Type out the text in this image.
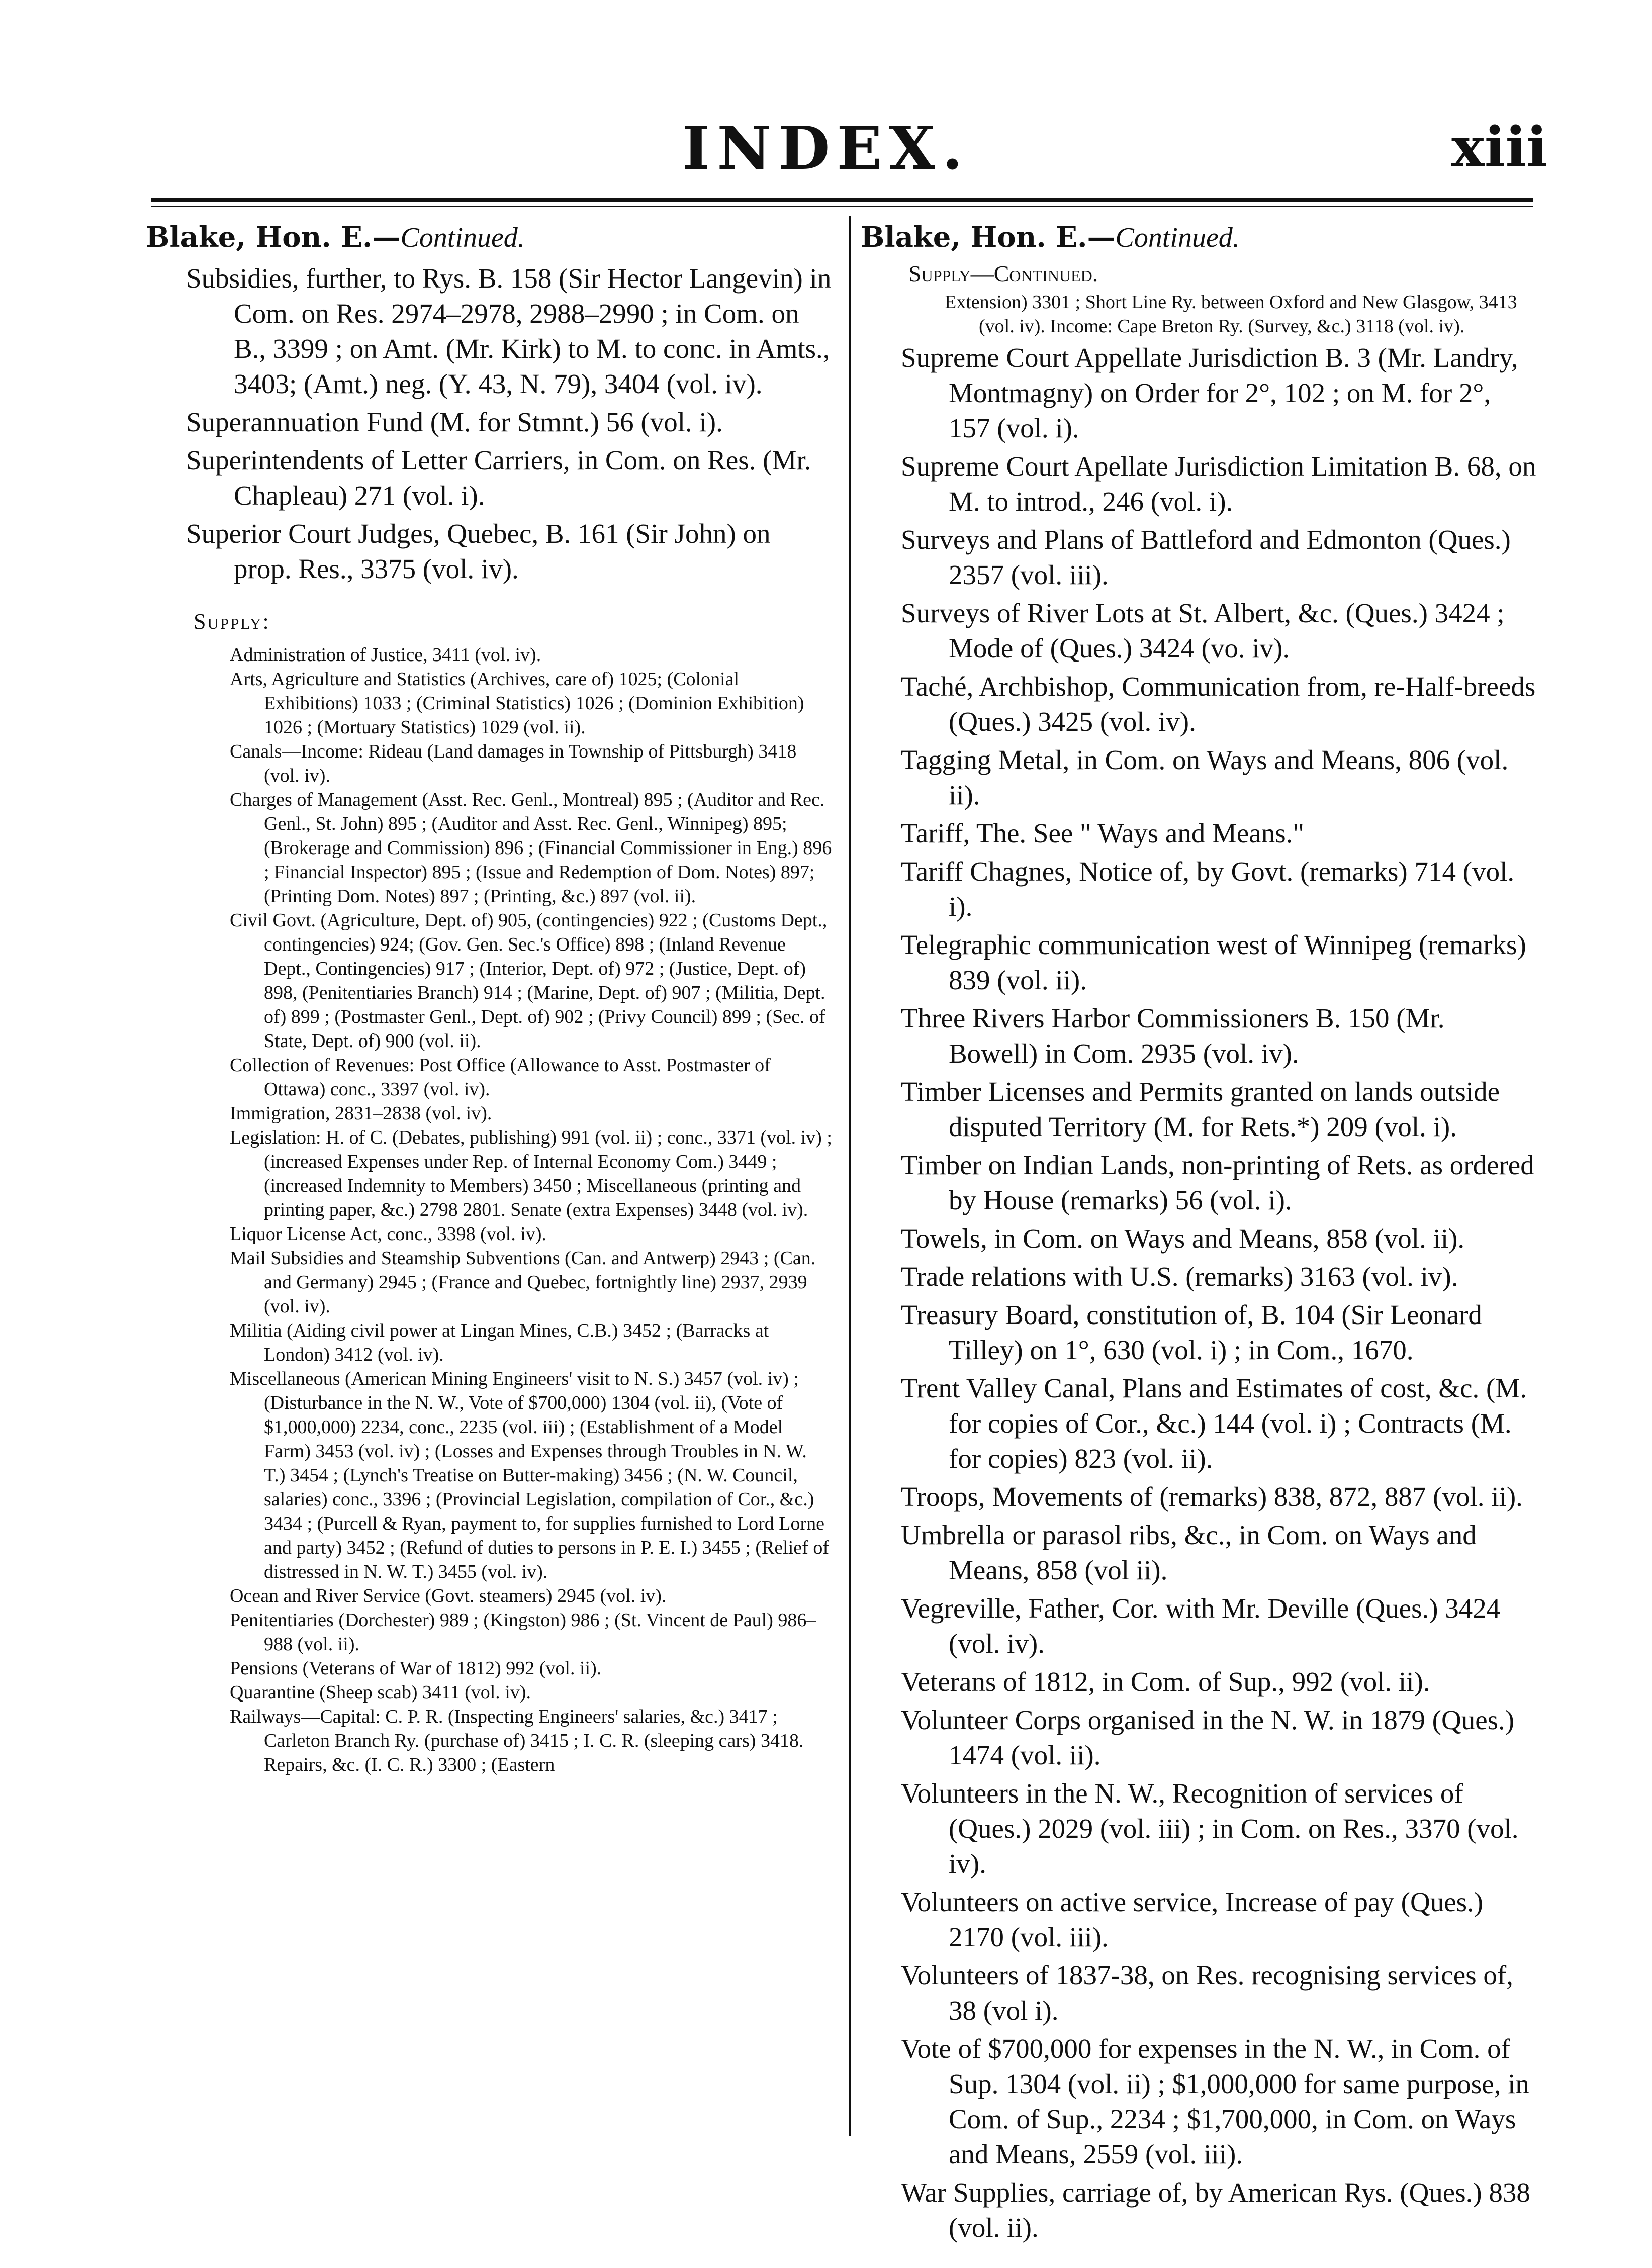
INDEX.	xiii

Blake, Hon. E.—Continued.

Subsidies, further, to Rys. B. 158 (Sir Hector Langevin) in Com. on Res. 2974–2978, 2988–2990 ; in Com. on B., 3399 ; on Amt. (Mr. Kirk) to M. to conc. in Amts., 3403; (Amt.) neg. (Y. 43, N. 79), 3404 (vol. iv).

Superannuation Fund (M. for Stmnt.) 56 (vol. i).

Superintendents of Letter Carriers, in Com. on Res. (Mr. Chapleau) 271 (vol. i).

Superior Court Judges, Quebec, B. 161 (Sir John) on prop. Res., 3375 (vol. iv).

Supply:

Administration of Justice, 3411 (vol. iv).

Arts, Agriculture and Statistics (Archives, care of) 1025; (Colonial Exhibitions) 1033 ; (Criminal Statistics) 1026 ; (Dominion Exhibition) 1026 ; (Mortuary Statistics) 1029 (vol. ii).

Canals—Income: Rideau (Land damages in Township of Pittsburgh) 3418 (vol. iv).

Charges of Management (Asst. Rec. Genl., Montreal) 895 ; (Auditor and Rec. Genl., St. John) 895 ; (Auditor and Asst. Rec. Genl., Winnipeg) 895; (Brokerage and Commission) 896 ; (Financial Commissioner in Eng.) 896 ; Financial Inspector) 895 ; (Issue and Redemption of Dom. Notes) 897; (Printing Dom. Notes) 897 ; (Printing, &c.) 897 (vol. ii).

Civil Govt. (Agriculture, Dept. of) 905, (contingencies) 922 ; (Customs Dept., contingencies) 924; (Gov. Gen. Sec.'s Office) 898 ; (Inland Revenue Dept., Contingencies) 917 ; (Interior, Dept. of) 972 ; (Justice, Dept. of) 898, (Penitentiaries Branch) 914 ; (Marine, Dept. of) 907 ; (Militia, Dept. of) 899 ; (Postmaster Genl., Dept. of) 902 ; (Privy Council) 899 ; (Sec. of State, Dept. of) 900 (vol. ii).

Collection of Revenues: Post Office (Allowance to Asst. Postmaster of Ottawa) conc., 3397 (vol. iv).

Immigration, 2831–2838 (vol. iv).

Legislation: H. of C. (Debates, publishing) 991 (vol. ii) ; conc., 3371 (vol. iv) ; (increased Expenses under Rep. of Internal Economy Com.) 3449 ; (increased Indemnity to Members) 3450 ; Miscellaneous (printing and printing paper, &c.) 2798 2801. Senate (extra Expenses) 3448 (vol. iv).

Liquor License Act, conc., 3398 (vol. iv).

Mail Subsidies and Steamship Subventions (Can. and Antwerp) 2943 ; (Can. and Germany) 2945 ; (France and Quebec, fortnightly line) 2937, 2939 (vol. iv).

Militia (Aiding civil power at Lingan Mines, C.B.) 3452 ; (Barracks at London) 3412 (vol. iv).

Miscellaneous (American Mining Engineers' visit to N. S.) 3457 (vol. iv) ; (Disturbance in the N. W., Vote of $700,000) 1304 (vol. ii), (Vote of $1,000,000) 2234, conc., 2235 (vol. iii) ; (Establishment of a Model Farm) 3453 (vol. iv) ; (Losses and Expenses through Troubles in N. W. T.) 3454 ; (Lynch's Treatise on Butter-making) 3456 ; (N. W. Council, salaries) conc., 3396 ; (Provincial Legislation, compilation of Cor., &c.) 3434 ; (Purcell & Ryan, payment to, for supplies furnished to Lord Lorne and party) 3452 ; (Refund of duties to persons in P. E. I.) 3455 ; (Relief of distressed in N. W. T.) 3455 (vol. iv).

Ocean and River Service (Govt. steamers) 2945 (vol. iv).

Penitentiaries (Dorchester) 989 ; (Kingston) 986 ; (St. Vincent de Paul) 986–988 (vol. ii).

Pensions (Veterans of War of 1812) 992 (vol. ii).

Quarantine (Sheep scab) 3411 (vol. iv).

Railways—Capital: C. P. R. (Inspecting Engineers' salaries, &c.) 3417 ; Carleton Branch Ry. (purchase of) 3415 ; I. C. R. (sleeping cars) 3418. Repairs, &c. (I. C. R.) 3300 ; (Eastern

Blake, Hon. E.—Continued.

Supply—Continued.

Extension) 3301 ; Short Line Ry. between Oxford and New Glasgow, 3413 (vol. iv). Income: Cape Breton Ry. (Survey, &c.) 3118 (vol. iv).

Supreme Court Appellate Jurisdiction B. 3 (Mr. Landry, Montmagny) on Order for 2°, 102 ; on M. for 2°, 157 (vol. i).

Supreme Court Apellate Jurisdiction Limitation B. 68, on M. to introd., 246 (vol. i).

Surveys and Plans of Battleford and Edmonton (Ques.) 2357 (vol. iii).

Surveys of River Lots at St. Albert, &c. (Ques.) 3424 ; Mode of (Ques.) 3424 (vo. iv).

Taché, Archbishop, Communication from, re-Half-breeds (Ques.) 3425 (vol. iv).

Tagging Metal, in Com. on Ways and Means, 806 (vol. ii).

Tariff, The. See " Ways and Means."

Tariff Chagnes, Notice of, by Govt. (remarks) 714 (vol. i).

Telegraphic communication west of Winnipeg (remarks) 839 (vol. ii).

Three Rivers Harbor Commissioners B. 150 (Mr. Bowell) in Com. 2935 (vol. iv).

Timber Licenses and Permits granted on lands outside disputed Territory (M. for Rets.*) 209 (vol. i).

Timber on Indian Lands, non-printing of Rets. as ordered by House (remarks) 56 (vol. i).

Towels, in Com. on Ways and Means, 858 (vol. ii).

Trade relations with U.S. (remarks) 3163 (vol. iv).

Treasury Board, constitution of, B. 104 (Sir Leonard Tilley) on 1°, 630 (vol. i) ; in Com., 1670.

Trent Valley Canal, Plans and Estimates of cost, &c. (M. for copies of Cor., &c.) 144 (vol. i) ; Contracts (M. for copies) 823 (vol. ii).

Troops, Movements of (remarks) 838, 872, 887 (vol. ii).

Umbrella or parasol ribs, &c., in Com. on Ways and Means, 858 (vol ii).

Vegreville, Father, Cor. with Mr. Deville (Ques.) 3424 (vol. iv).

Veterans of 1812, in Com. of Sup., 992 (vol. ii).

Volunteer Corps organised in the N. W. in 1879 (Ques.) 1474 (vol. ii).

Volunteers in the N. W., Recognition of services of (Ques.) 2029 (vol. iii) ; in Com. on Res., 3370 (vol. iv).

Volunteers on active service, Increase of pay (Ques.) 2170 (vol. iii).

Volunteers of 1837-38, on Res. recognising services of, 38 (vol i).

Vote of $700,000 for expenses in the N. W., in Com. of Sup. 1304 (vol. ii) ; $1,000,000 for same purpose, in Com. of Sup., 2234 ; $1,700,000, in Com. on Ways and Means, 2559 (vol. iii).

War Supplies, carriage of, by American Rys. (Ques.) 838 (vol. ii).
